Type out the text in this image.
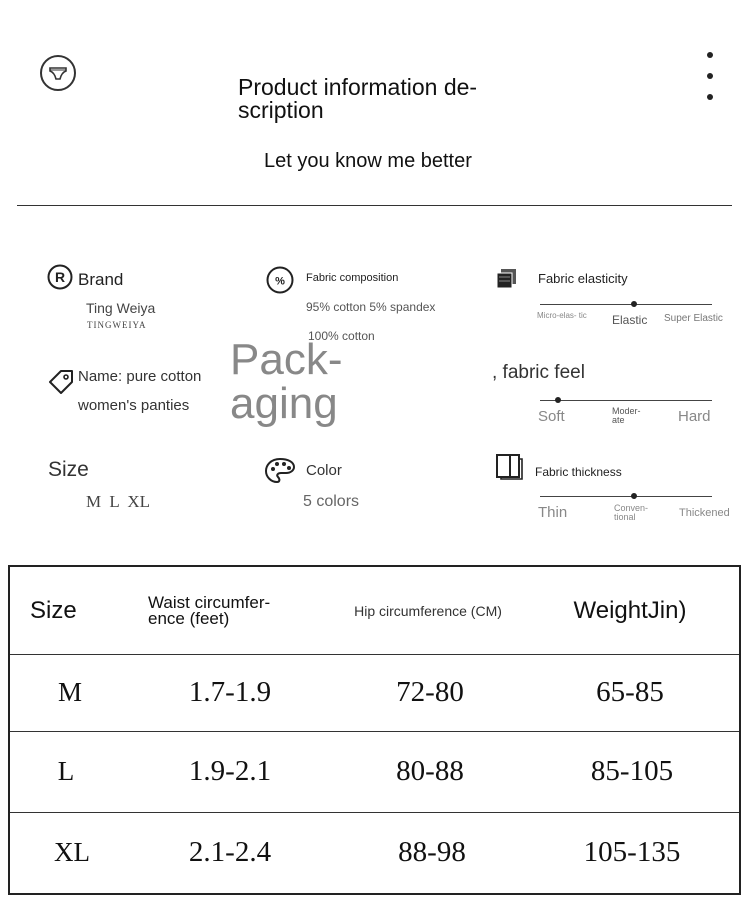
Product information de- scription
Let you know me better
R Brand
Ting Weiya
TINGWEIYA
% Fabric composition
95% cotton 5% spandex
100% cotton
Fabric elasticity
Micro-elas- tic	Elastic Super Elastic
Name: pure cotton
women's panties
Pack- aging
, fabric feel
Soft	Moder- ate	Hard
Size
M L XL
Color
5 colors
Fabric thickness
Thin	Conven- tional	Thickened
Size	Waist circumfer- ence (feet)	Hip circumference (CM)	WeightJin)
M	1.7-1.9	72-80	65-85
L	1.9-2.1	80-88	85-105
XL	2.1-2.4	88-98	105-135
